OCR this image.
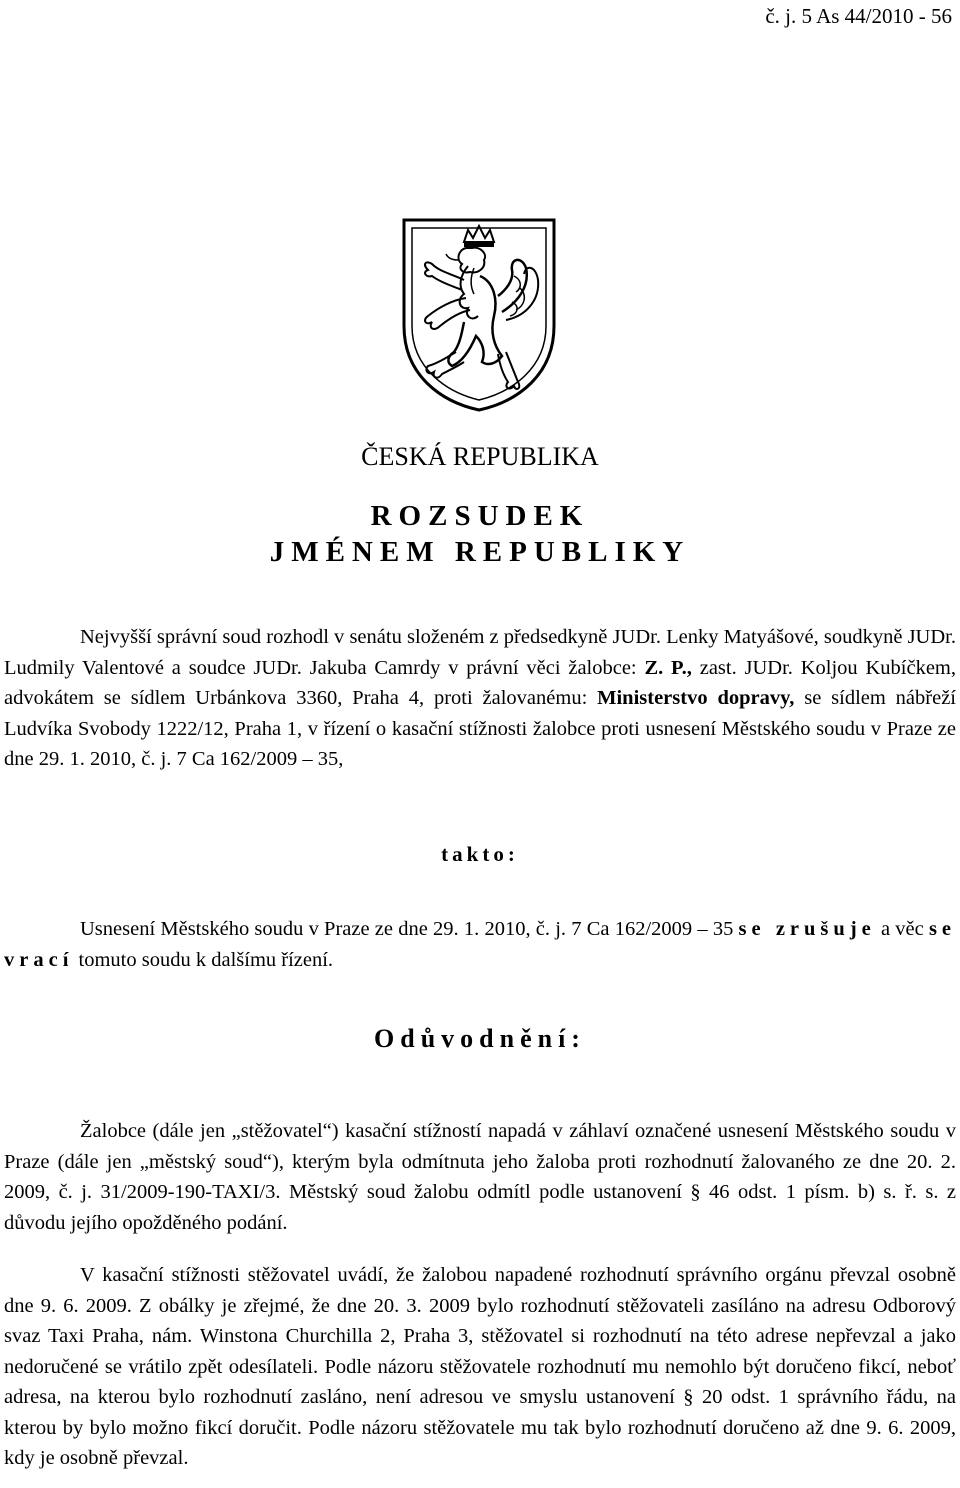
č. j. 5 As 44/2010 - 56
ČESKÁ REPUBLIKA
ROZSUDEK
JMÉNEM REPUBLIKY
Nejvyšší správní soud rozhodl v senátu složeném z předsedkyně JUDr. Lenky Matyášové, soudkyně JUDr. Ludmily Valentové a soudce JUDr. Jakuba Camrdy v právní věci žalobce: Z. P., zast. JUDr. Koljou Kubíčkem, advokátem se sídlem Urbánkova 3360, Praha 4, proti žalovanému: Ministerstvo dopravy, se sídlem nábřeží Ludvíka Svobody 1222/12, Praha 1, v řízení o kasační stížnosti žalobce proti usnesení Městského soudu v Praze ze dne 29. 1. 2010, č. j. 7 Ca 162/2009 – 35,
takto:
Usnesení Městského soudu v Praze ze dne 29. 1. 2010, č. j. 7 Ca 162/2009 – 35 se zrušuje a věc se vrací tomuto soudu k dalšímu řízení.
Odůvodnění:
Žalobce (dále jen „stěžovatel“) kasační stížností napadá v záhlaví označené usnesení Městského soudu v Praze (dále jen „městský soud“), kterým byla odmítnuta jeho žaloba proti rozhodnutí žalovaného ze dne 20. 2. 2009, č. j. 31/2009-190-TAXI/3. Městský soud žalobu odmítl podle ustanovení § 46 odst. 1 písm. b) s. ř. s. z důvodu jejího opožděného podání.
V kasační stížnosti stěžovatel uvádí, že žalobou napadené rozhodnutí správního orgánu převzal osobně dne 9. 6. 2009. Z obálky je zřejmé, že dne 20. 3. 2009 bylo rozhodnutí stěžovateli zasíláno na adresu Odborový svaz Taxi Praha, nám. Winstona Churchilla 2, Praha 3, stěžovatel si rozhodnutí na této adrese nepřevzal a jako nedoručené se vrátilo zpět odesílateli. Podle názoru stěžovatele rozhodnutí mu nemohlo být doručeno fikcí, neboť adresa, na kterou bylo rozhodnutí zasláno, není adresou ve smyslu ustanovení § 20 odst. 1 správního řádu, na kterou by bylo možno fikcí doručit. Podle názoru stěžovatele mu tak bylo rozhodnutí doručeno až dne 9. 6. 2009, kdy je osobně převzal.
